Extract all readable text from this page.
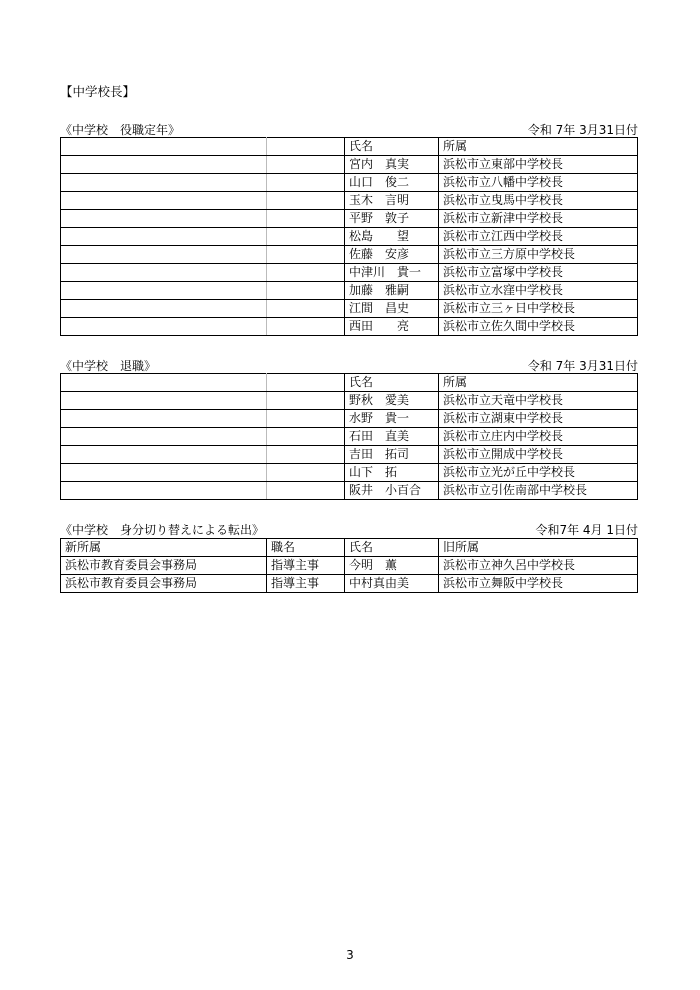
【中学校長】
《中学校　役職定年》	令和 7年 3月31日付
		氏名	所属
		宮内　真実	浜松市立東部中学校長
		山口　俊二	浜松市立八幡中学校長
		玉木　言明	浜松市立曳馬中学校長
		平野　敦子	浜松市立新津中学校長
		松島　　望	浜松市立江西中学校長
		佐藤　安彦	浜松市立三方原中学校長
		中津川　貴一	浜松市立富塚中学校長
		加藤　雅嗣	浜松市立水窪中学校長
		江間　昌史	浜松市立三ヶ日中学校長
		西田　　亮	浜松市立佐久間中学校長
《中学校　退職》	令和 7年 3月31日付
		氏名	所属
		野秋　愛美	浜松市立天竜中学校長
		水野　貴一	浜松市立湖東中学校長
		石田　直美	浜松市立庄内中学校長
		吉田　拓司	浜松市立開成中学校長
		山下　拓	浜松市立光が丘中学校長
		阪井　小百合	浜松市立引佐南部中学校長
《中学校　身分切り替えによる転出》	令和7年 4月 1日付
新所属	職名	氏名	旧所属
浜松市教育委員会事務局	指導主事	今明　薫	浜松市立神久呂中学校長
浜松市教育委員会事務局	指導主事	中村真由美	浜松市立舞阪中学校長
3
